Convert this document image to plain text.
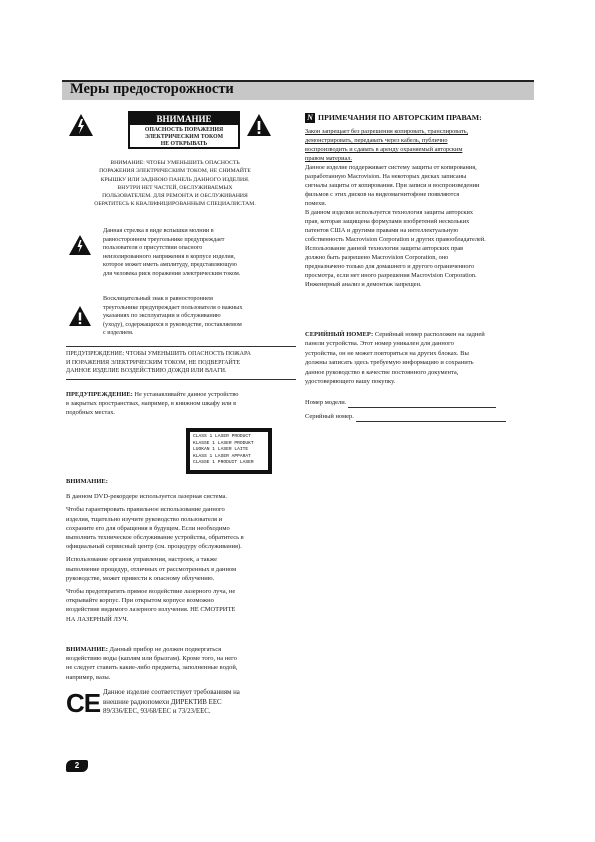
Меры предосторожности
ВНИМАНИЕ
ОПАСНОСТЬ ПОРАЖЕНИЯ
ЭЛЕКТРИЧЕСКИМ ТОКОМ
НЕ ОТКРЫВАТЬ
ВНИМАНИЕ: ЧТОБЫ УМЕНЬШИТЬ ОПАСНОСТЬ
ПОРАЖЕНИЯ ЭЛЕКТРИЧЕСКИМ ТОКОМ, НЕ СНИМАЙТЕ
КРЫШКУ ИЛИ ЗАДНЮЮ ПАНЕЛЬ ДАННОГО ИЗДЕЛИЯ.
ВНУТРИ НЕТ ЧАСТЕЙ, ОБСЛУЖИВАЕМЫХ
ПОЛЬЗОВАТЕЛЕМ. ДЛЯ РЕМОНТА И ОБСЛУЖИВАНИЯ
ОБРАТИТЕСЬ К КВАЛИФИЦИРОВАННЫМ СПЕЦИАЛИСТАМ.
Данная стрелка в виде вспышки молнии в
равностороннем треугольнике предупреждает
пользователя о присутствии опасного
неизолированного напряжения в корпусе изделия,
которое может иметь амплитуду, представляющую
для человека риск поражения электрическим током.
Восклицательный знак в равностороннем
треугольнике предупреждает пользователя о важных
указаниях по эксплуатации и обслуживанию
(уходу), содержащихся в руководстве, поставляемом
с изделием.
ПРЕДУПРЕЖДЕНИЕ: ЧТОБЫ УМЕНЬШИТЬ ОПАСНОСТЬ ПОЖАРА
И ПОРАЖЕНИЯ ЭЛЕКТРИЧЕСКИМ ТОКОМ, НЕ ПОДВЕРГАЙТЕ
ДАННОЕ ИЗДЕЛИЕ ВОЗДЕЙСТВИЮ ДОЖДЯ ИЛИ ВЛАГИ.
ПРЕДУПРЕЖДЕНИЕ: Не устанавливайте данное устройство
в закрытых пространствах, например, в книжном шкафу или в
подобных местах.
CLASS 1 LASER PRODUCT
KLASSE 1 LASER PRODUKT
LUOKAN 1 LASER LAITE
KLASS 1 LASER APPARAT
CLASSE 1 PRODUIT LASER
ВНИМАНИЕ:
В данном DVD-рекордере используется лазерная система.
Чтобы гарантировать правильное использование данного
изделия, тщательно изучите руководство пользователя и
сохраните его для обращения в будущем. Если необходимо
выполнить техническое обслуживание устройства, обратитесь в
официальный сервисный центр (см. процедуру обслуживания).
Использование органов управления, настроек, а также
выполнение процедур, отличных от рассмотренных в данном
руководстве, может привести к опасному облучению.
Чтобы предотвратить прямое воздействие лазерного луча, не
открывайте корпус. При открытом корпусе возможно
воздействие видимого лазерного излучения. НЕ СМОТРИТЕ
НА ЛАЗЕРНЫЙ ЛУЧ.
ВНИМАНИЕ: Данный прибор не должен подвергаться
воздействию воды (каплям или брызгам). Кроме того, на него
не следует ставить какие-либо предметы, заполненные водой,
например, вазы.
CE Данное изделие соответствует требованиям на
внешние радиопомехи ДИРЕКТИВ ЕЕС
89/336/EEC, 93/68/EEC и 73/23/EEC.
2
N ПРИМЕЧАНИЯ ПО АВТОРСКИМ ПРАВАМ:
Закон запрещает без разрешения копировать, транслировать,
демонстрировать, передавать через кабель, публично
воспроизводить и сдавать в аренду охраняемый авторским
правом материал.
Данное изделие поддерживает систему защиты от копирования,
разработанную Macrovision. На некоторых дисках записаны
сигналы защиты от копирования. При записи и воспроизведении
фильмов с этих дисков на видеомагнитофоне появляются
помехи.
В данном изделии используется технология защиты авторских
прав, которая защищена формулами изобретений нескольких
патентов США и другими правами на интеллектуальную
собственность Macrovision Corporation и других правообладателей.
Использование данной технологии защиты авторских прав
должно быть разрешено Macrovision Corporation, оно
предназначено только для домашнего и другого ограниченного
просмотра, если нет иного разрешения Macrovision Corporation.
Инженерный анализ и демонтаж запрещен.
СЕРИЙНЫЙ НОМЕР: Серийный номер расположен на задней
панели устройства. Этот номер уникален для данного
устройства, он не может повторяться на других блоках. Вы
должны записать здесь требуемую информацию и сохранить
данное руководство в качестве постоянного документа,
удостоверяющего вашу покупку.
Номер модели.
Серийный номер.
